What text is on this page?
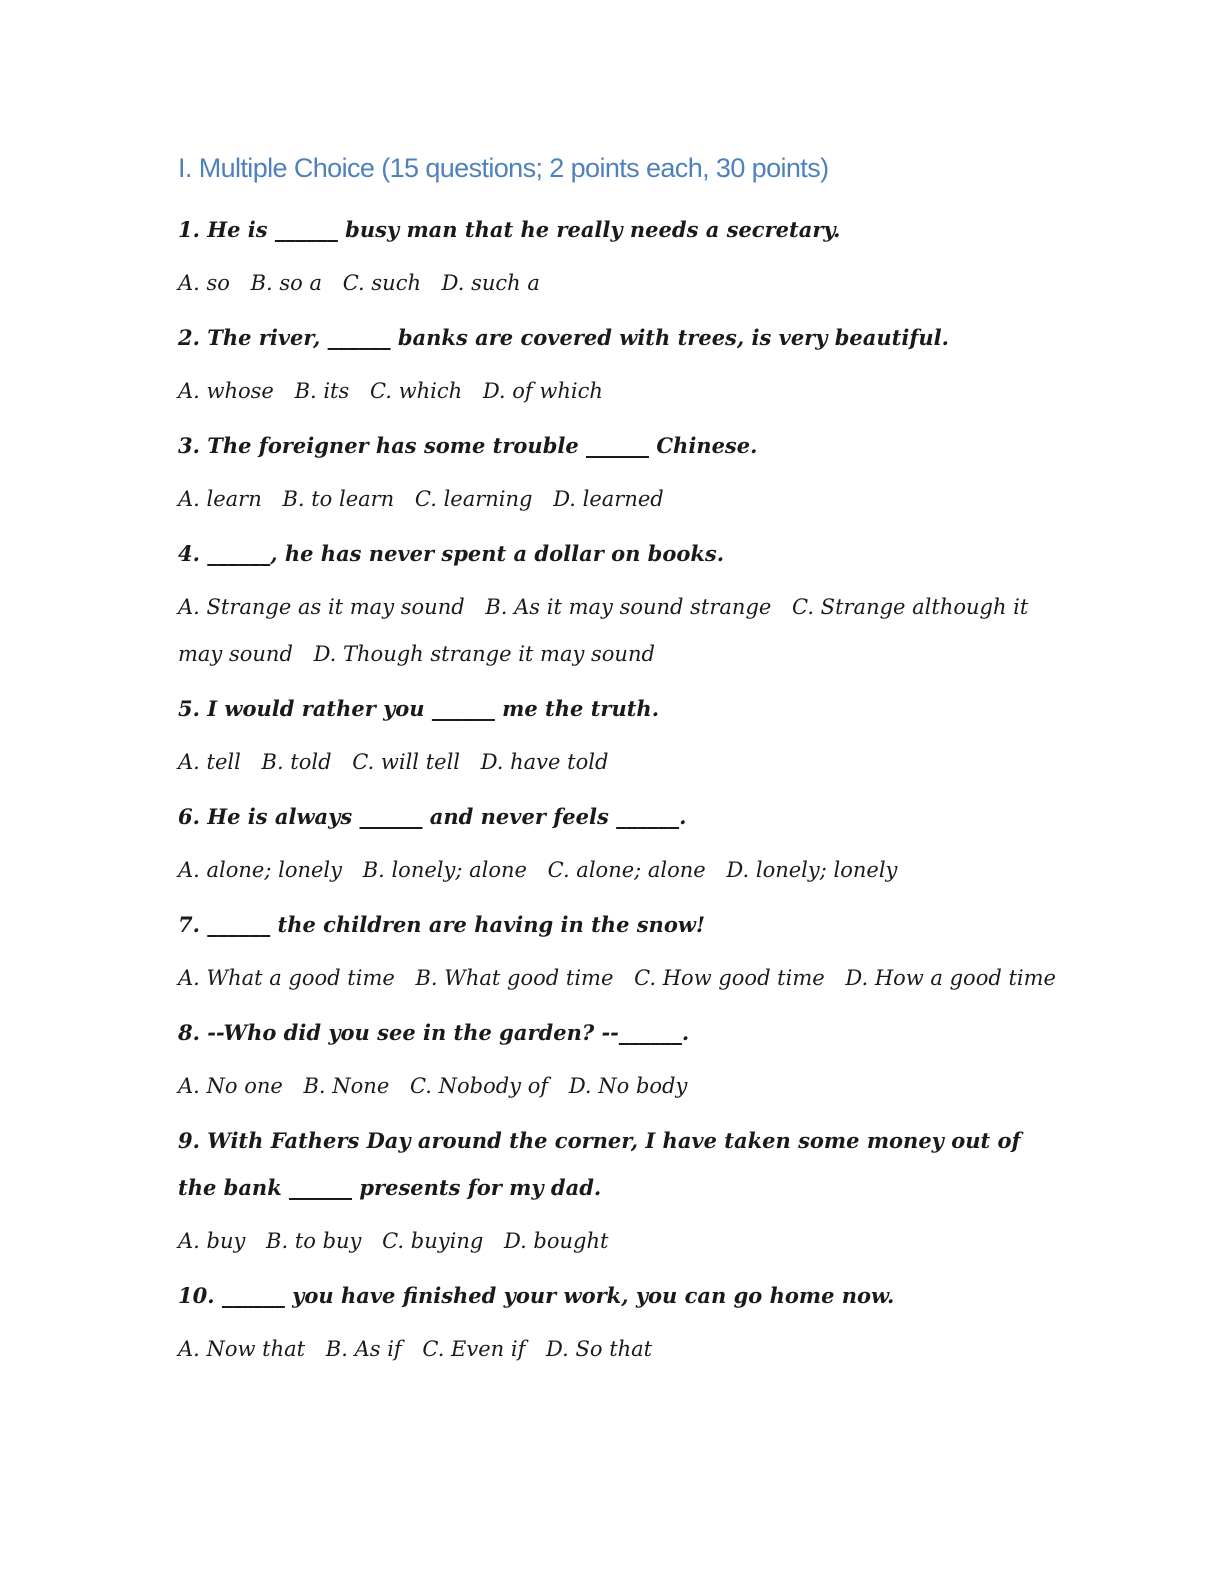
I. Multiple Choice (15 questions; 2 points each, 30 points)

1. He is ______ busy man that he really needs a secretary.

A. so B. so a C. such D. such a

2. The river, ______ banks are covered with trees, is very beautiful.

A. whose B. its C. which D. of which

3. The foreigner has some trouble ______ Chinese.

A. learn B. to learn C. learning D. learned

4. ______, he has never spent a dollar on books.

A. Strange as it may sound B. As it may sound strange C. Strange although it may sound D. Though strange it may sound

5. I would rather you ______ me the truth.

A. tell B. told C. will tell D. have told

6. He is always ______ and never feels ______.

A. alone; lonely B. lonely; alone C. alone; alone D. lonely; lonely

7. ______ the children are having in the snow!

A. What a good time B. What good time C. How good time D. How a good time

8. --Who did you see in the garden? --______.

A. No one B. None C. Nobody of D. No body

9. With Fathers Day around the corner, I have taken some money out of the bank ______ presents for my dad.

A. buy B. to buy C. buying D. bought

10. ______ you have finished your work, you can go home now.

A. Now that B. As if C. Even if D. So that
